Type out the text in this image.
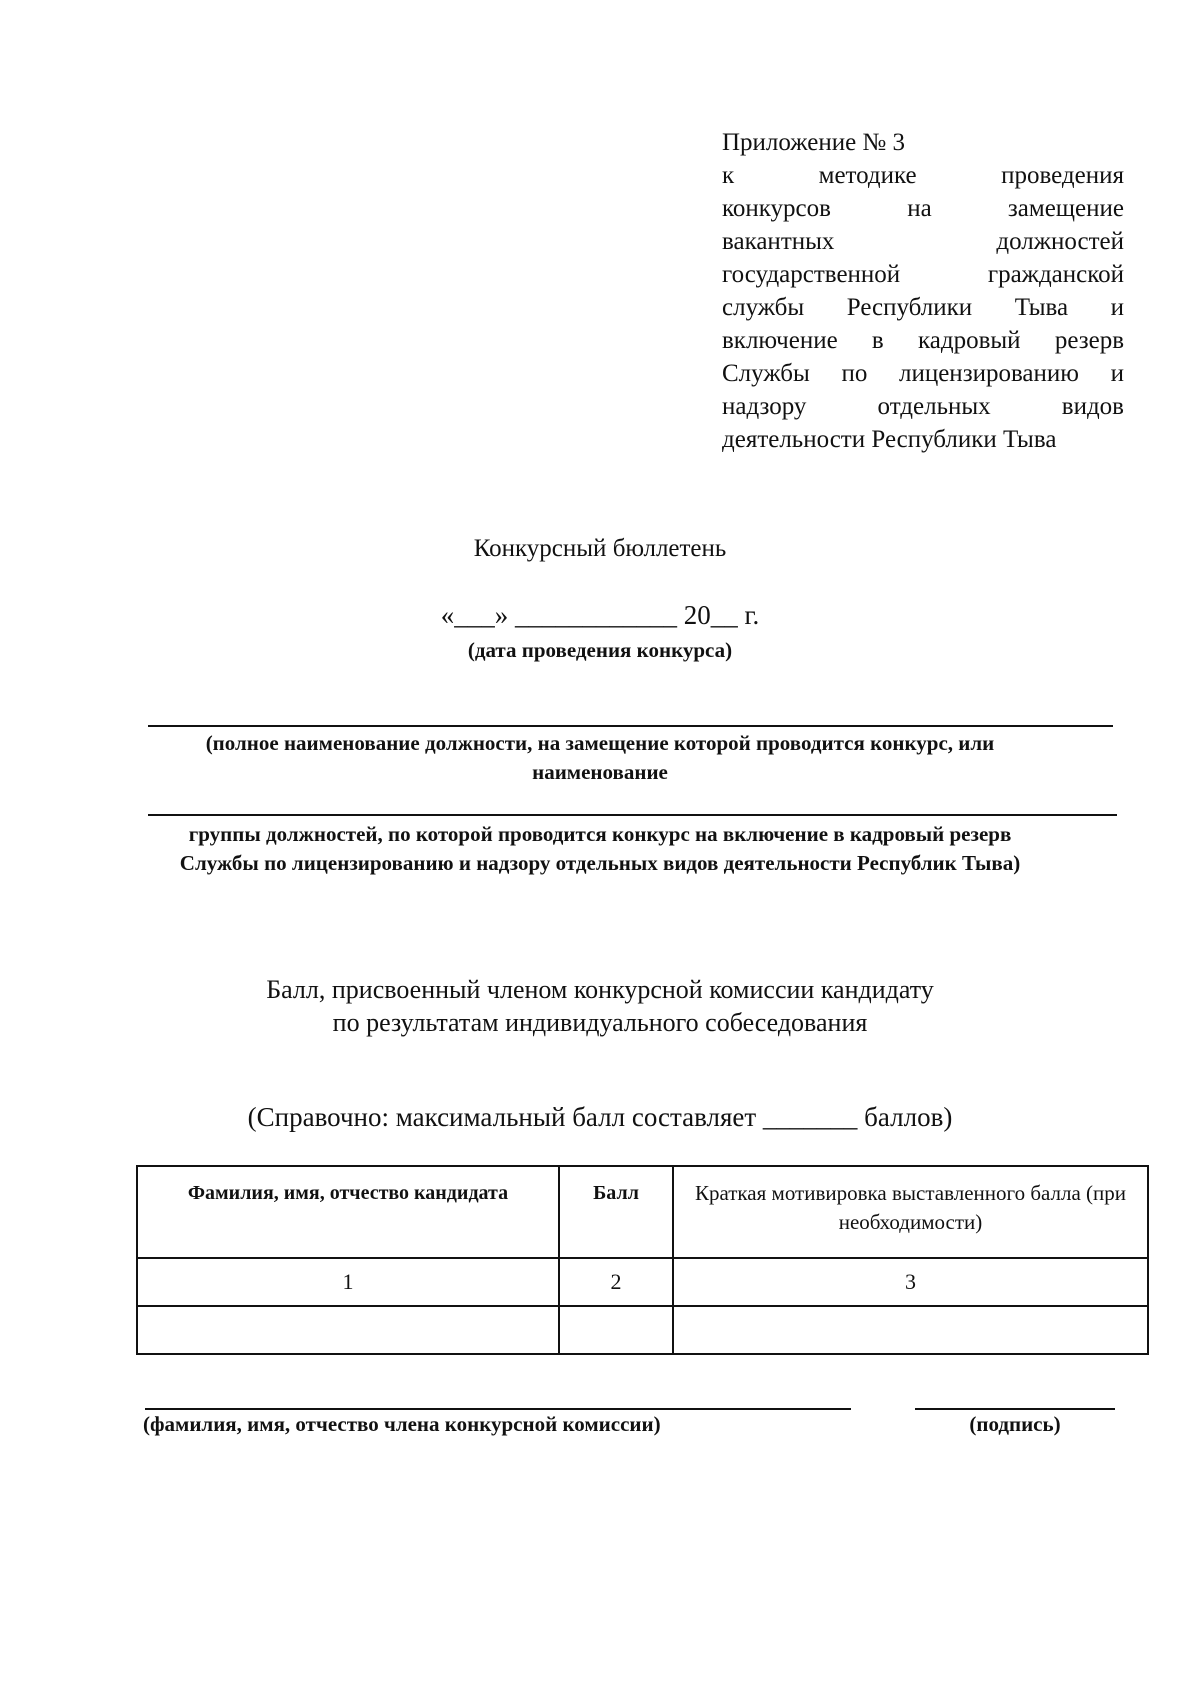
Приложение № 3
к методике проведения
конкурсов на замещение
вакантных должностей
государственной гражданской
службы Республики Тыва и
включение в кадровый резерв
Службы по лицензированию и
надзору отдельных видов
деятельности Республики Тыва
Конкурсный бюллетень
«___» ____________ 20__ г.
(дата проведения конкурса)
(полное наименование должности, на замещение которой проводится конкурс, или
наименование
группы должностей, по которой проводится конкурс на включение в кадровый резерв
Службы по лицензированию и надзору отдельных видов деятельности Республик Тыва)
Балл, присвоенный членом конкурсной комиссии кандидату
по результатам индивидуального собеседования
(Справочно: максимальный балл составляет _______ баллов)
Фамилия, имя, отчество кандидата	Балл	Краткая мотивировка выставленного балла (при необходимости)
1	2	3

(фамилия, имя, отчество члена конкурсной комиссии)	(подпись)
